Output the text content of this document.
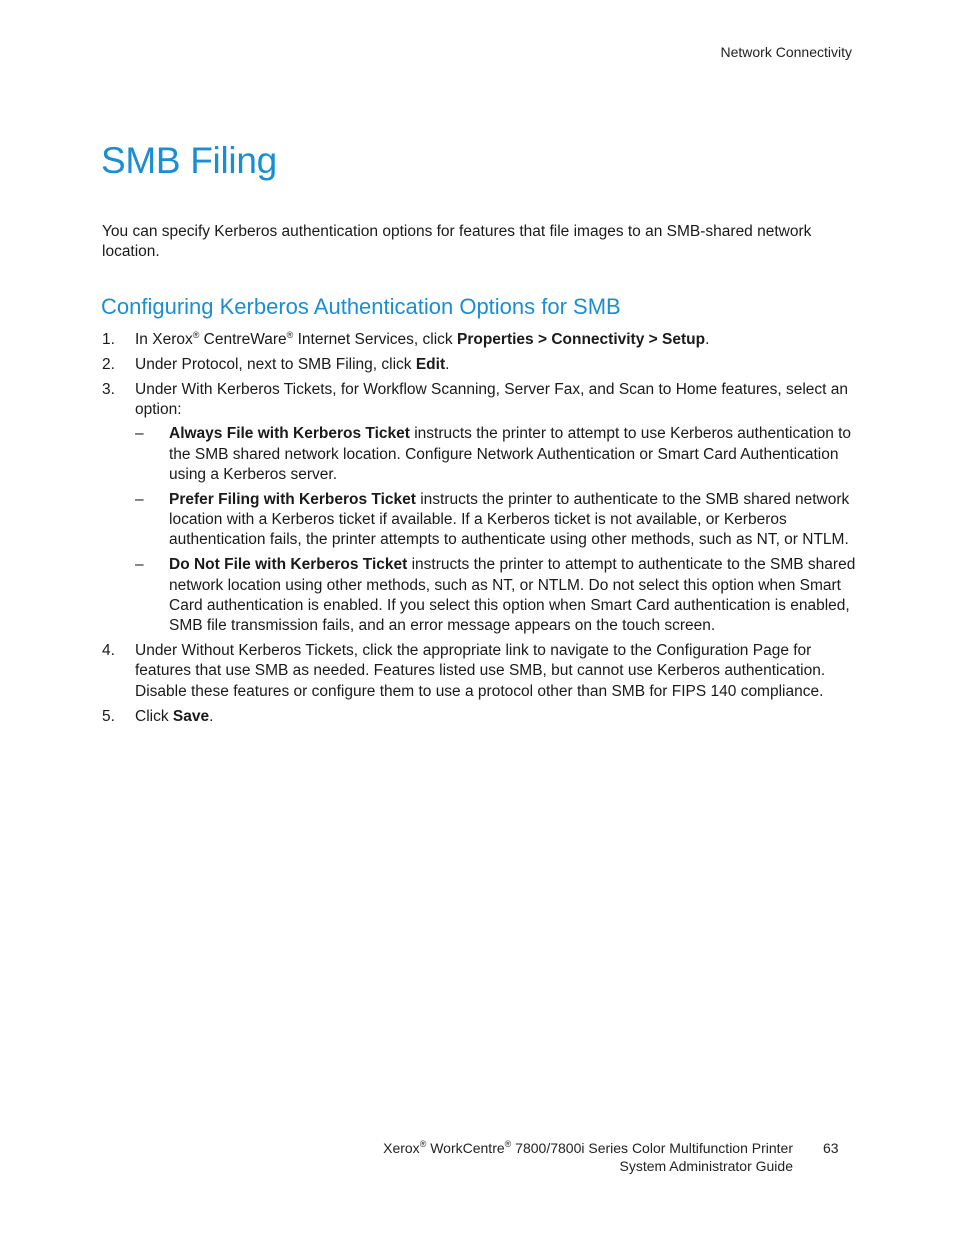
Network Connectivity
SMB Filing

You can specify Kerberos authentication options for features that file images to an SMB-shared network location.

Configuring Kerberos Authentication Options for SMB
1. In Xerox® CentreWare® Internet Services, click Properties > Connectivity > Setup.
2. Under Protocol, next to SMB Filing, click Edit.
3. Under With Kerberos Tickets, for Workflow Scanning, Server Fax, and Scan to Home features, select an option:
– Always File with Kerberos Ticket instructs the printer to attempt to use Kerberos authentication to the SMB shared network location. Configure Network Authentication or Smart Card Authentication using a Kerberos server.
– Prefer Filing with Kerberos Ticket instructs the printer to authenticate to the SMB shared network location with a Kerberos ticket if available. If a Kerberos ticket is not available, or Kerberos authentication fails, the printer attempts to authenticate using other methods, such as NT, or NTLM.
– Do Not File with Kerberos Ticket instructs the printer to attempt to authenticate to the SMB shared network location using other methods, such as NT, or NTLM. Do not select this option when Smart Card authentication is enabled. If you select this option when Smart Card authentication is enabled, SMB file transmission fails, and an error message appears on the touch screen.
4. Under Without Kerberos Tickets, click the appropriate link to navigate to the Configuration Page for features that use SMB as needed. Features listed use SMB, but cannot use Kerberos authentication. Disable these features or configure them to use a protocol other than SMB for FIPS 140 compliance.
5. Click Save.
Xerox® WorkCentre® 7800/7800i Series Color Multifunction Printer
System Administrator Guide
63
